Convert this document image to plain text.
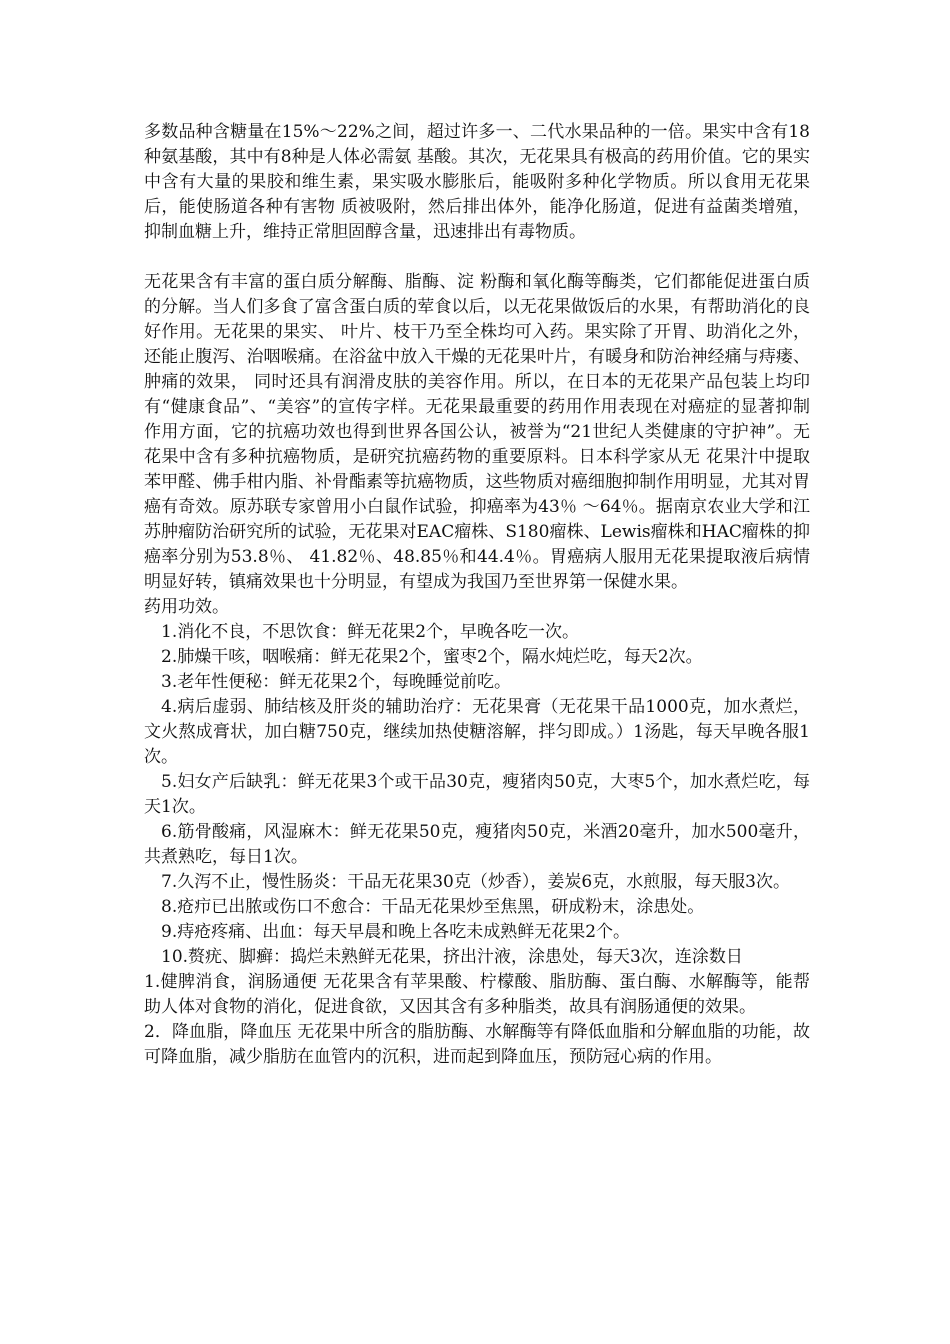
多数品种含糖量在15%～22%之间，超过许多一、二代水果品种的一倍。果实中含有18种氨基酸，其中有8种是人体必需氨 基酸。其次，无花果具有极高的药用价值。它的果实中含有大量的果胶和维生素，果实吸水膨胀后，能吸附多种化学物质。所以食用无花果后，能使肠道各种有害物 质被吸附，然后排出体外，能净化肠道，促进有益菌类增殖，抑制血糖上升，维持正常胆固醇含量，迅速排出有毒物质。

无花果含有丰富的蛋白质分解酶、脂酶、淀 粉酶和氧化酶等酶类，它们都能促进蛋白质的分解。当人们多食了富含蛋白质的荤食以后，以无花果做饭后的水果，有帮助消化的良好作用。无花果的果实、 叶片、枝干乃至全株均可入药。果实除了开胃、助消化之外，还能止腹泻、治咽喉痛。在浴盆中放入干燥的无花果叶片，有暖身和防治神经痛与痔瘘、肿痛的效果， 同时还具有润滑皮肤的美容作用。所以，在日本的无花果产品包装上均印有“健康食品”、“美容”的宣传字样。无花果最重要的药用作用表现在对癌症的显著抑制 作用方面，它的抗癌功效也得到世界各国公认，被誉为“21世纪人类健康的守护神”。无花果中含有多种抗癌物质，是研究抗癌药物的重要原料。日本科学家从无 花果汁中提取苯甲醛、佛手柑内脂、补骨酯素等抗癌物质，这些物质对癌细胞抑制作用明显，尤其对胃癌有奇效。原苏联专家曾用小白鼠作试验，抑癌率为43％ ～64％。据南京农业大学和江苏肿瘤防治研究所的试验，无花果对EAC瘤株、S180瘤株、Lewis瘤株和HAC瘤株的抑癌率分别为53.8％、 41.82％、48.85％和44.4％。胃癌病人服用无花果提取液后病情明显好转，镇痛效果也十分明显，有望成为我国乃至世界第一保健水果。

药用功效。

1.消化不良，不思饮食：鲜无花果2个，早晚各吃一次。

2.肺燥干咳，咽喉痛：鲜无花果2个，蜜枣2个，隔水炖烂吃，每天2次。

3.老年性便秘：鲜无花果2个，每晚睡觉前吃。

4.病后虚弱、肺结核及肝炎的辅助治疗：无花果膏（无花果干品1000克，加水煮烂，文火熬成膏状，加白糖750克，继续加热使糖溶解，拌匀即成。）1汤匙，每天早晚各服1次。

5.妇女产后缺乳：鲜无花果3个或干品30克，瘦猪肉50克，大枣5个，加水煮烂吃，每天1次。

6.筋骨酸痛，风湿麻木：鲜无花果50克，瘦猪肉50克，米酒20毫升，加水500毫升，共煮熟吃，每日1次。

7.久泻不止，慢性肠炎：干品无花果30克（炒香），姜炭6克，水煎服，每天服3次。

8.疮疖已出脓或伤口不愈合：干品无花果炒至焦黑，研成粉末，涂患处。

9.痔疮疼痛、出血：每天早晨和晚上各吃未成熟鲜无花果2个。

10.赘疣、脚癣：捣烂未熟鲜无花果，挤出汁液，涂患处，每天3次，连涂数日

1.健脾消食，润肠通便 无花果含有苹果酸、柠檬酸、脂肪酶、蛋白酶、水解酶等，能帮助人体对食物的消化，促进食欲，又因其含有多种脂类，故具有润肠通便的效果。

2．降血脂，降血压 无花果中所含的脂肪酶、水解酶等有降低血脂和分解血脂的功能，故可降血脂，减少脂肪在血管内的沉积，进而起到降血压，预防冠心病的作用。
